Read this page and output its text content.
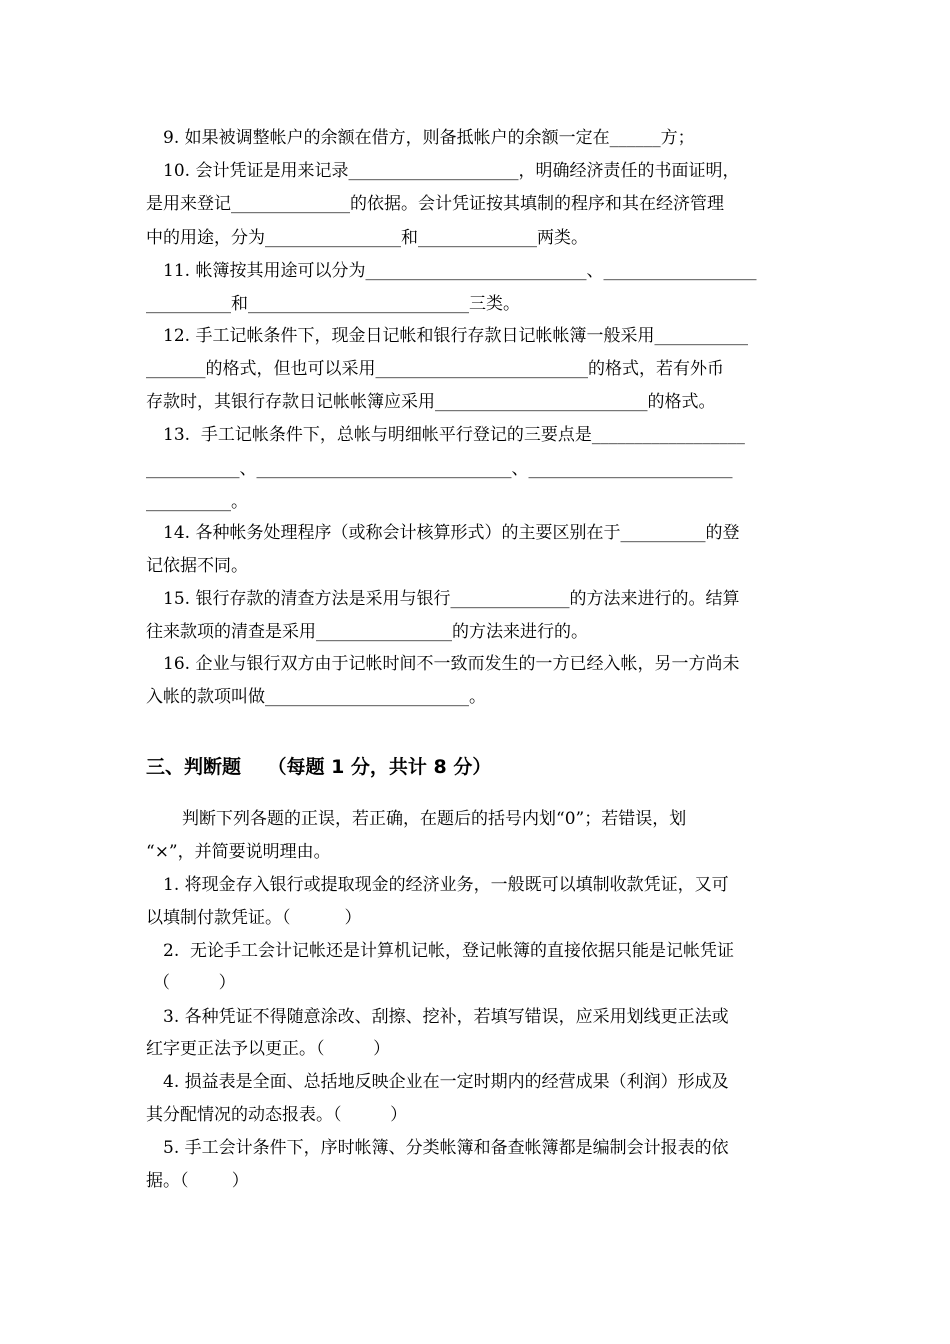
9. 如果被调整帐户的余额在借方，则备抵帐户的余额一定在______方；
10. 会计凭证是用来记录____________________，明确经济责任的书面证明，
是用来登记______________的依据。会计凭证按其填制的程序和其在经济管理
中的用途，分为________________和______________两类。
11. 帐簿按其用途可以分为__________________________、__________________
__________和__________________________三类。
12. 手工记帐条件下，现金日记帐和银行存款日记帐帐簿一般采用___________
_______的格式，但也可以采用_________________________的格式，若有外币
存款时，其银行存款日记帐帐簿应采用_________________________的格式。
13.  手工记帐条件下，总帐与明细帐平行登记的三要点是__________________
___________、______________________________、________________________
__________。
14. 各种帐务处理程序（或称会计核算形式）的主要区别在于__________的登
记依据不同。
15. 银行存款的清查方法是采用与银行______________的方法来进行的。结算
往来款项的清查是采用________________的方法来进行的。
16. 企业与银行双方由于记帐时间不一致而发生的一方已经入帐，另一方尚未
入帐的款项叫做________________________。
三、判断题    （每题 1 分，共计 8 分）
判断下列各题的正误，若正确，在题后的括号内划“0”；若错误，划
“×”，并简要说明理由。
1. 将现金存入银行或提取现金的经济业务，一般既可以填制收款凭证，又可
以填制付款凭证。（          ）
2.  无论手工会计记帐还是计算机记帐，登记帐簿的直接依据只能是记帐凭证
（         ）
3. 各种凭证不得随意涂改、刮擦、挖补，若填写错误，应采用划线更正法或
红字更正法予以更正。（         ）
4. 损益表是全面、总括地反映企业在一定时期内的经营成果（利润）形成及
其分配情况的动态报表。（         ）
5. 手工会计条件下，序时帐簿、分类帐簿和备查帐簿都是编制会计报表的依
据。（        ）
